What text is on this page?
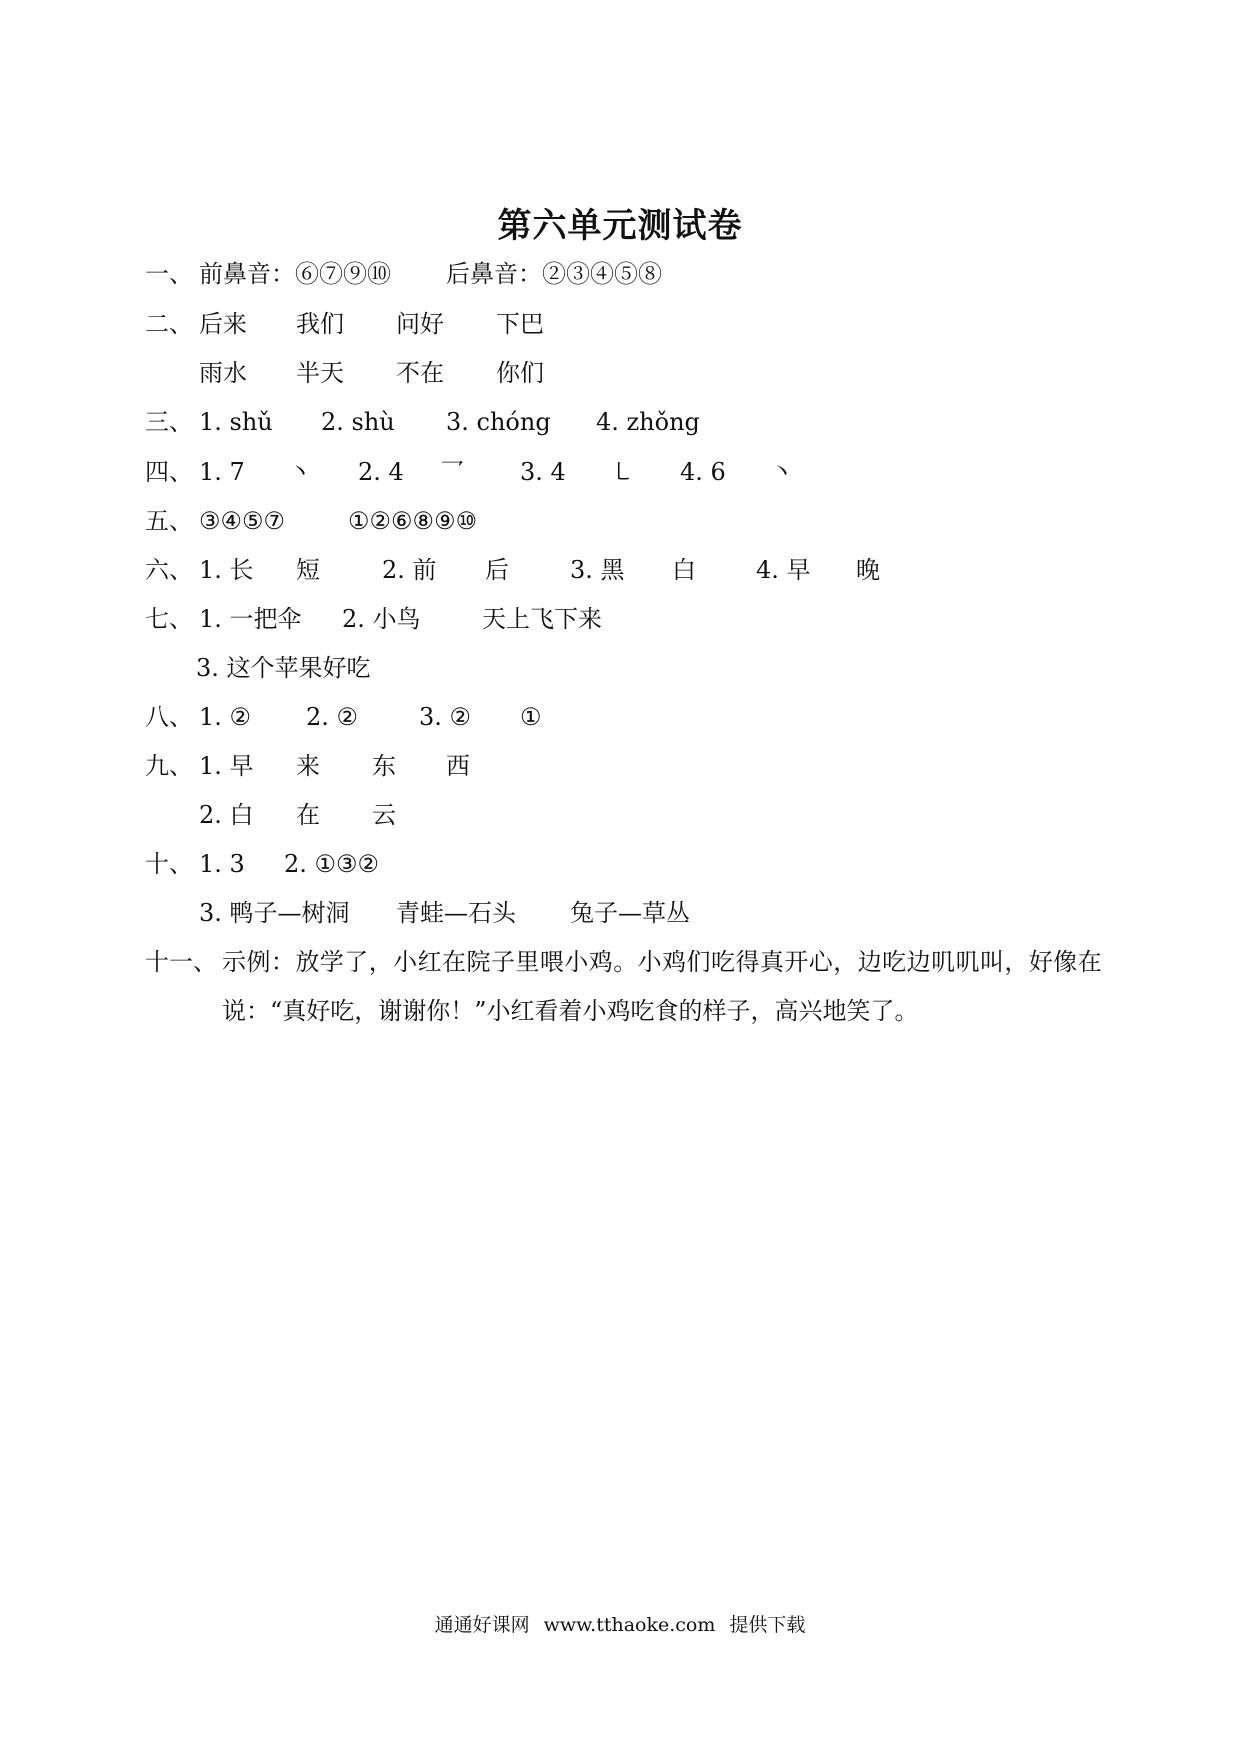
第六单元测试卷
一、 前鼻音：⑥⑦⑨⑩ 后鼻音：②③④⑤⑧
二、 后来 我们 问好 下巴
雨水 半天 不在 你们
三、 1. shǔ 2. shù 3. chóng 4. zhǒng
四、 1. 7 丶 2. 4 乛 3. 4 ㇄ 4. 6 丶
五、 ③④⑤⑦	①②⑥⑧⑨⑩
六、 1. 长 短	2. 前 后	3. 黑 白	4. 早 晚
七、 1. 一把伞 2. 小鸟	天上飞下来
3. 这个苹果好吃
八、 1. ② 2. ②	3. ② ①
九、 1. 早 来 东 西
2. 白 在 云
十、 1. 3 2. ①③②
3. 鸭子—树洞 青蛙—石头 兔子—草丛
十一、 示例：放学了，小红在院子里喂小鸡。小鸡们吃得真开心，边吃边叽叽叫，好像在
说：“真好吃，谢谢你！”小红看着小鸡吃食的样子，高兴地笑了。
通通好课网 www.tthaoke.com 提供下载
